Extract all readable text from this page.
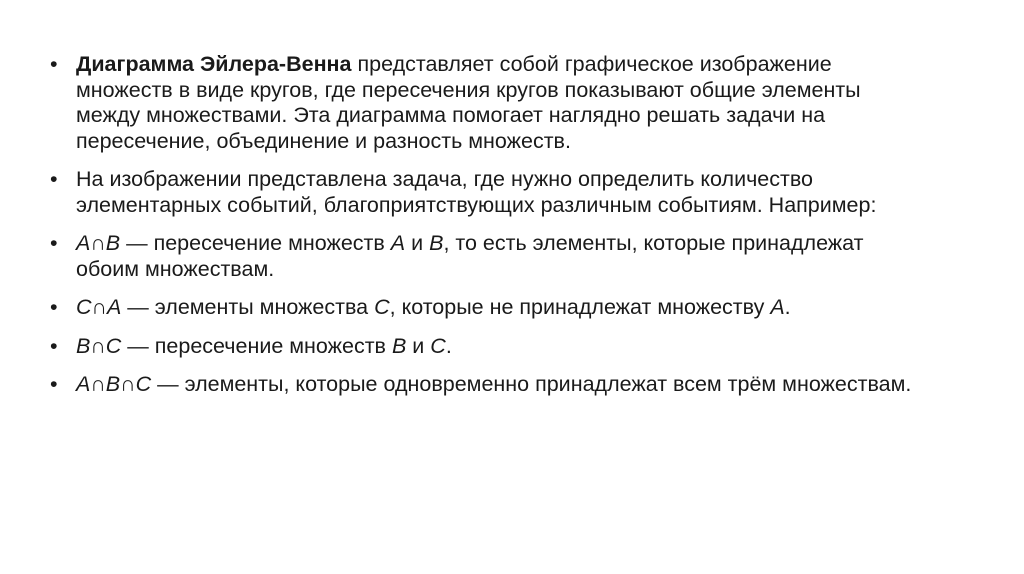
• Диаграмма Эйлера-Венна представляет собой графическое изображение множеств в виде кругов, где пересечения кругов показывают общие элементы между множествами. Эта диаграмма помогает наглядно решать задачи на пересечение, объединение и разность множеств.
• На изображении представлена задача, где нужно определить количество элементарных событий, благоприятствующих различным событиям. Например:
• A∩B — пересечение множеств A и B, то есть элементы, которые принадлежат обоим множествам.
• C∩A — элементы множества C, которые не принадлежат множеству A.
• B∩C — пересечение множеств B и C.
• A∩B∩C — элементы, которые одновременно принадлежат всем трём множествам.
